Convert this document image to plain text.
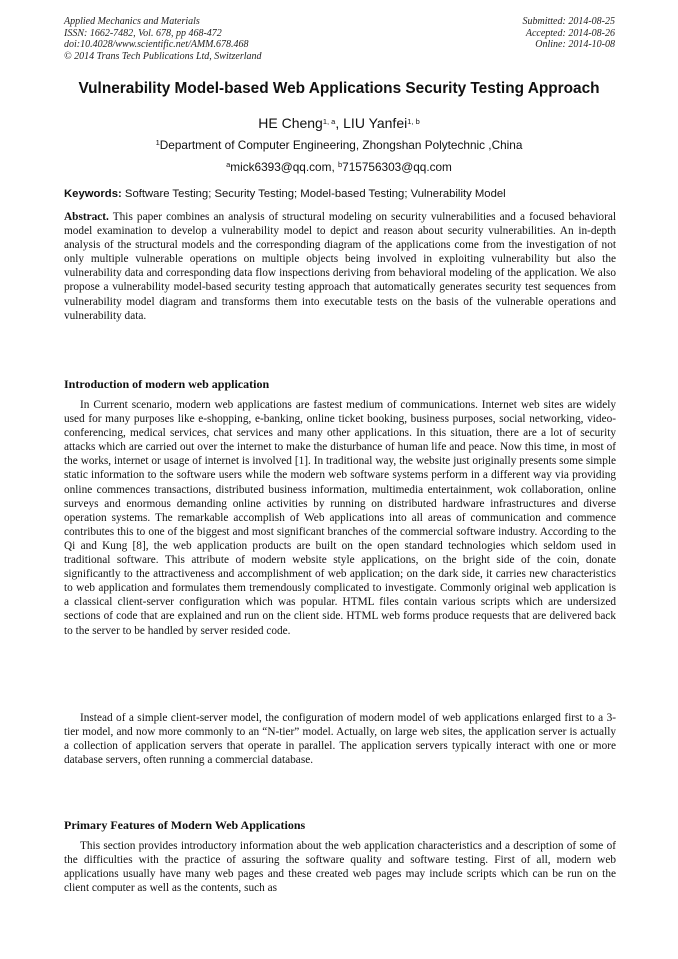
Applied Mechanics and Materials
ISSN: 1662-7482, Vol. 678, pp 468-472
doi:10.4028/www.scientific.net/AMM.678.468
© 2014 Trans Tech Publications Ltd, Switzerland
Submitted: 2014-08-25
Accepted: 2014-08-26
Online: 2014-10-08
Vulnerability Model-based Web Applications Security Testing Approach
HE Cheng$^{1, a}$, LIU Yanfei$^{1, b}$
$^1$Department of Computer Engineering, Zhongshan Polytechnic ,China
$^a$mick6393@qq.com, $^b$715756303@qq.com
Keywords: Software Testing; Security Testing; Model-based Testing; Vulnerability Model
Abstract. This paper combines an analysis of structural modeling on security vulnerabilities and a focused behavioral model examination to develop a vulnerability model to depict and reason about security vulnerabilities. An in-depth analysis of the structural models and the corresponding diagram of the applications come from the investigation of not only multiple vulnerable operations on multiple objects being involved in exploiting vulnerability but also the vulnerability data and corresponding data flow inspections deriving from behavioral modeling of the application. We also propose a vulnerability model-based security testing approach that automatically generates security test sequences from vulnerability model diagram and transforms them into executable tests on the basis of the vulnerable operations and vulnerability data.
Introduction of modern web application
In Current scenario, modern web applications are fastest medium of communications. Internet web sites are widely used for many purposes like e-shopping, e-banking, online ticket booking, business purposes, social networking, video-conferencing, medical services, chat services and many other applications. In this situation, there are a lot of security attacks which are carried out over the internet to make the disturbance of human life and peace. Now this time, in most of the works, internet or usage of internet is involved [1]. In traditional way, the website just originally presents some simple static information to the software users while the modern web software systems perform in a different way via providing online commences transactions, distributed business information, multimedia entertainment, wok collaboration, online surveys and enormous demanding online activities by running on distributed hardware infrastructures and diverse operation systems. The remarkable accomplish of Web applications into all areas of communication and commence contributes this to one of the biggest and most significant branches of the commercial software industry. According to the Qi and Kung [8], the web application products are built on the open standard technologies which seldom used in traditional software. This attribute of modern website style applications, on the bright side of the coin, donate significantly to the attractiveness and accomplishment of web application; on the dark side, it carries new characteristics to web application and formulates them tremendously complicated to investigate. Commonly original web application is a classical client-server configuration which was popular. HTML files contain various scripts which are undersized sections of code that are explained and run on the client side. HTML web forms produce requests that are delivered back to the server to be handled by server resided code.
Instead of a simple client-server model, the configuration of modern model of web applications enlarged first to a 3-tier model, and now more commonly to an “N-tier” model. Actually, on large web sites, the application server is actually a collection of application servers that operate in parallel. The application servers typically interact with one or more database servers, often running a commercial database.
Primary Features of Modern Web Applications
This section provides introductory information about the web application characteristics and a description of some of the difficulties with the practice of assuring the software quality and software testing. First of all, modern web applications usually have many web pages and these created web pages may include scripts which can be run on the client computer as well as the contents, such as
